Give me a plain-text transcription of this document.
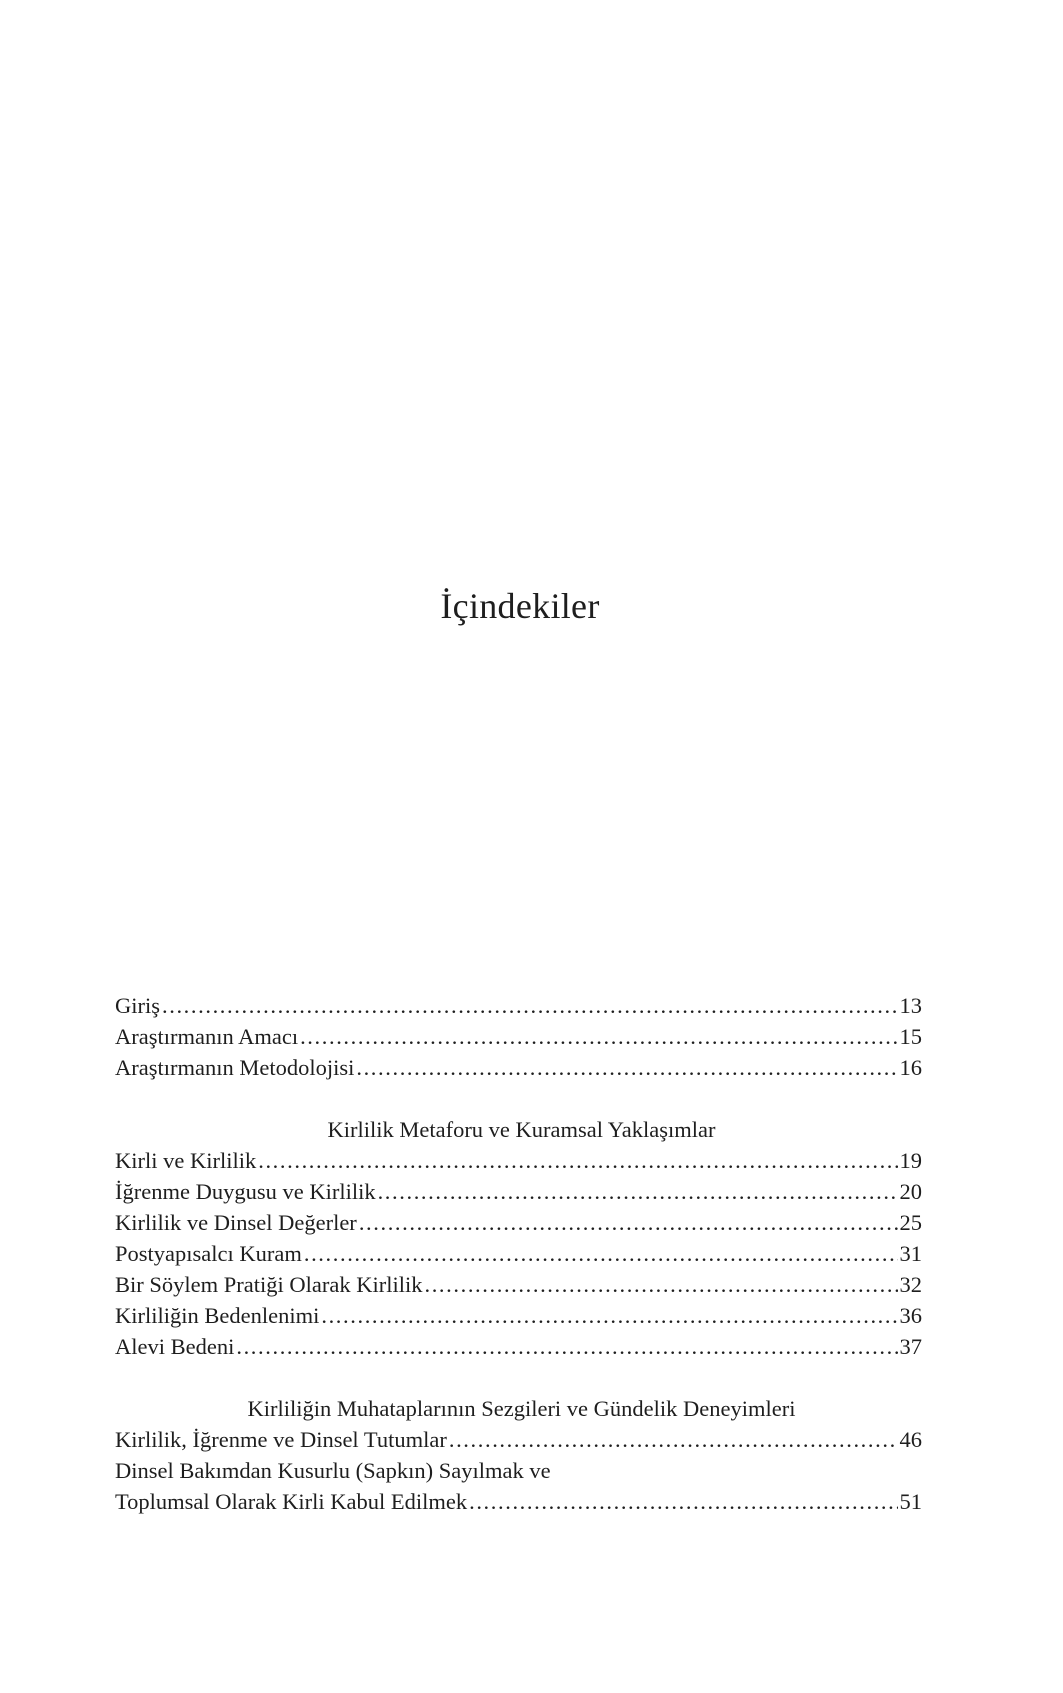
İçindekiler
Giriş .....	13
Araştırmanın Amacı .....	15
Araştırmanın Metodolojisi .....	16
Kirlilik Metaforu ve Kuramsal Yaklaşımlar
Kirli ve Kirlilik .....	19
İğrenme Duygusu ve Kirlilik .....	20
Kirlilik ve Dinsel Değerler .....	25
Postyapısalcı Kuram .....	31
Bir Söylem Pratiği Olarak Kirlilik .....	32
Kirliliğin Bedenlenimi .....	36
Alevi Bedeni .....	37
Kirliliğin Muhataplarının Sezgileri ve Gündelik Deneyimleri
Kirlilik, İğrenme ve Dinsel Tutumlar .....	46
Dinsel Bakımdan Kusurlu (Sapkın) Sayılmak ve
Toplumsal Olarak Kirli Kabul Edilmek .....	51
